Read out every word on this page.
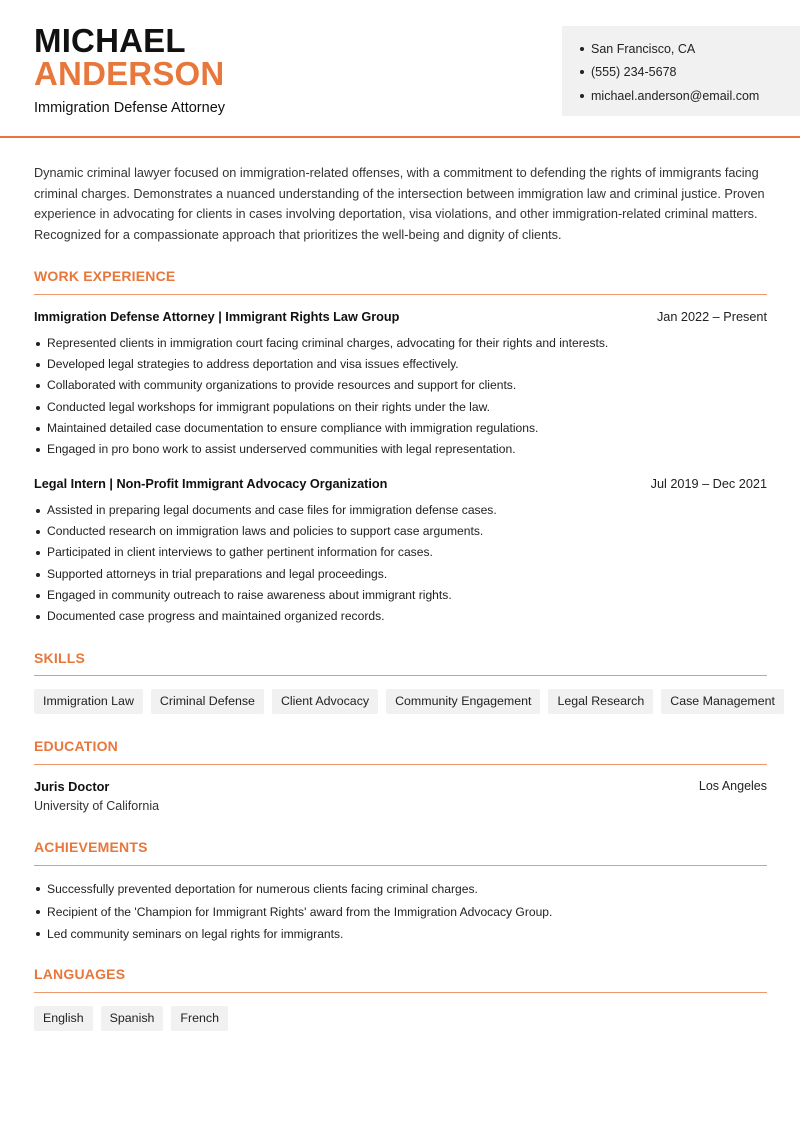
MICHAEL
ANDERSON
Immigration Defense Attorney
San Francisco, CA
(555) 234-5678
michael.anderson@email.com

Dynamic criminal lawyer focused on immigration-related offenses, with a commitment to defending the rights of immigrants facing criminal charges. Demonstrates a nuanced understanding of the intersection between immigration law and criminal justice. Proven experience in advocating for clients in cases involving deportation, visa violations, and other immigration-related criminal matters. Recognized for a compassionate approach that prioritizes the well-being and dignity of clients.

WORK EXPERIENCE
Immigration Defense Attorney | Immigrant Rights Law Group	Jan 2022 – Present
Represented clients in immigration court facing criminal charges, advocating for their rights and interests.
Developed legal strategies to address deportation and visa issues effectively.
Collaborated with community organizations to provide resources and support for clients.
Conducted legal workshops for immigrant populations on their rights under the law.
Maintained detailed case documentation to ensure compliance with immigration regulations.
Engaged in pro bono work to assist underserved communities with legal representation.
Legal Intern | Non-Profit Immigrant Advocacy Organization	Jul 2019 – Dec 2021
Assisted in preparing legal documents and case files for immigration defense cases.
Conducted research on immigration laws and policies to support case arguments.
Participated in client interviews to gather pertinent information for cases.
Supported attorneys in trial preparations and legal proceedings.
Engaged in community outreach to raise awareness about immigrant rights.
Documented case progress and maintained organized records.
SKILLS
Immigration Law	Criminal Defense	Client Advocacy	Community Engagement	Legal Research	Case Management
EDUCATION
Juris Doctor	Los Angeles
University of California
ACHIEVEMENTS
Successfully prevented deportation for numerous clients facing criminal charges.
Recipient of the 'Champion for Immigrant Rights' award from the Immigration Advocacy Group.
Led community seminars on legal rights for immigrants.
LANGUAGES
English	Spanish	French
